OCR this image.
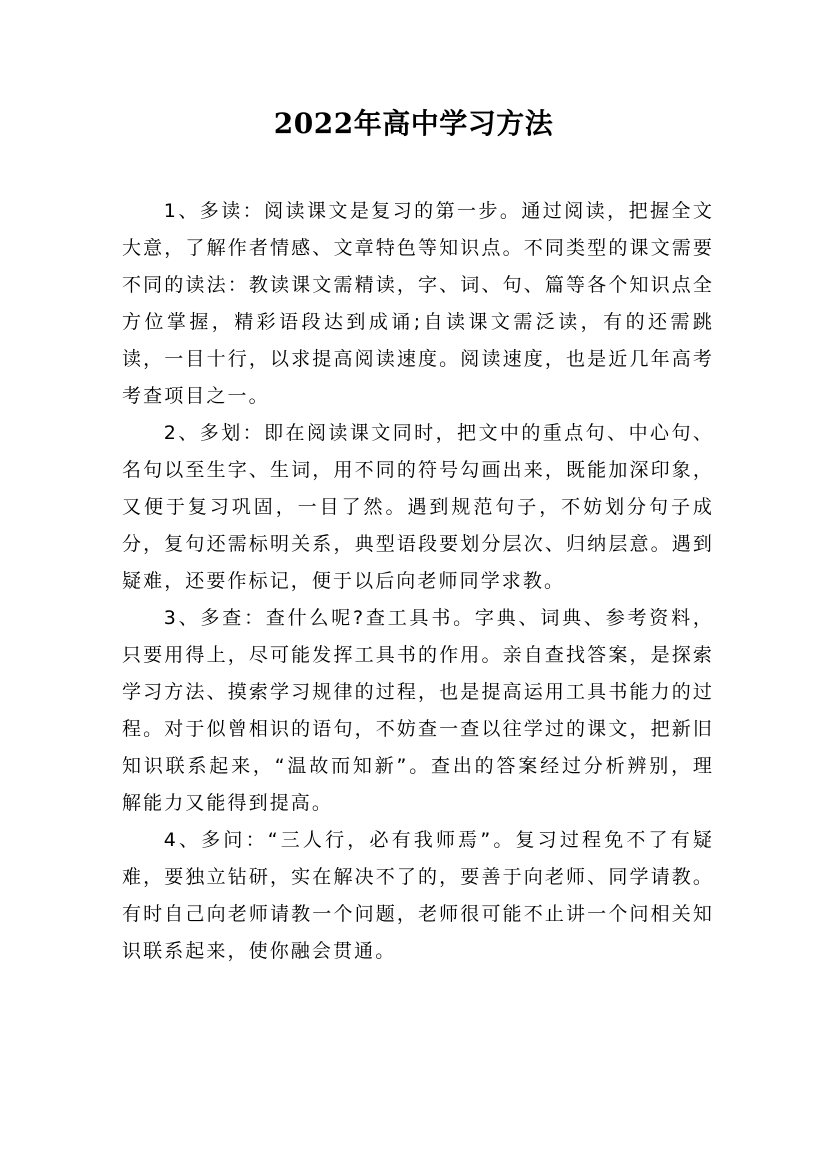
2022年高中学习方法

1、多读：阅读课文是复习的第一步。通过阅读，把握全文大意，了解作者情感、文章特色等知识点。不同类型的课文需要不同的读法：教读课文需精读，字、词、句、篇等各个知识点全方位掌握，精彩语段达到成诵;自读课文需泛读，有的还需跳读，一目十行，以求提高阅读速度。阅读速度，也是近几年高考考查项目之一。

2、多划：即在阅读课文同时，把文中的重点句、中心句、名句以至生字、生词，用不同的符号勾画出来，既能加深印象，又便于复习巩固，一目了然。遇到规范句子，不妨划分句子成分，复句还需标明关系，典型语段要划分层次、归纳层意。遇到疑难，还要作标记，便于以后向老师同学求教。

3、多查：查什么呢?查工具书。字典、词典、参考资料，只要用得上，尽可能发挥工具书的作用。亲自查找答案，是探索学习方法、摸索学习规律的过程，也是提高运用工具书能力的过程。对于似曾相识的语句，不妨查一查以往学过的课文，把新旧知识联系起来，“温故而知新”。查出的答案经过分析辨别，理解能力又能得到提高。

4、多问：“三人行，必有我师焉”。复习过程免不了有疑难，要独立钻研，实在解决不了的，要善于向老师、同学请教。有时自己向老师请教一个问题，老师很可能不止讲一个问相关知识联系起来，使你融会贯通。
